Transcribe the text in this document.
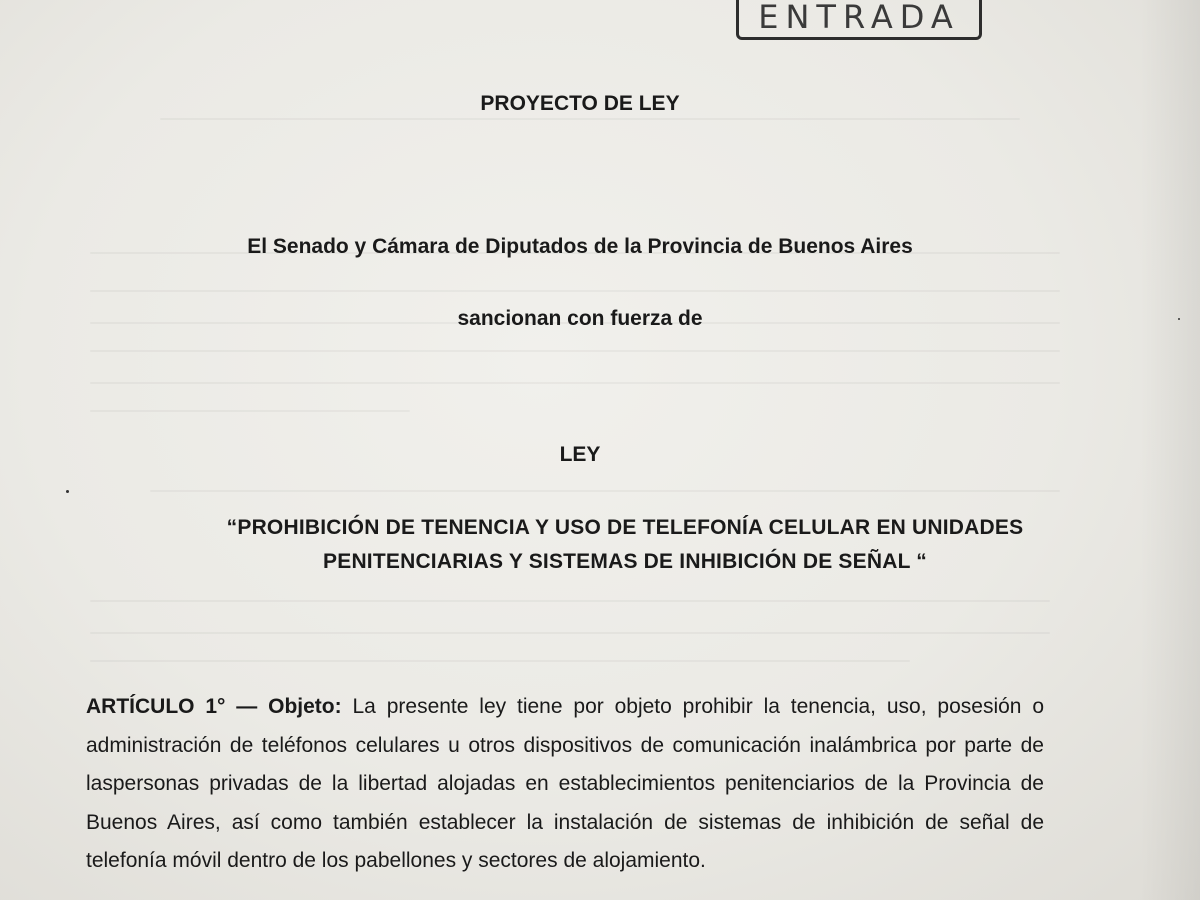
ENTRADA
PROYECTO DE LEY
El Senado y Cámara de Diputados de la Provincia de Buenos Aires
sancionan con fuerza de
LEY
“PROHIBICIÓN DE TENENCIA Y USO DE TELEFONÍA CELULAR EN UNIDADES
PENITENCIARIAS Y SISTEMAS DE INHIBICIÓN DE SEÑAL “
ARTÍCULO 1° — Objeto: La presente ley tiene por objeto prohibir la tenencia, uso, posesión o administración de teléfonos celulares u otros dispositivos de comunicación inalámbrica por parte de laspersonas privadas de la libertad alojadas en establecimientos penitenciarios de la Provincia de Buenos Aires, así como también establecer la instalación de sistemas de inhibición de señal de telefonía móvil dentro de los pabellones y sectores de alojamiento.
